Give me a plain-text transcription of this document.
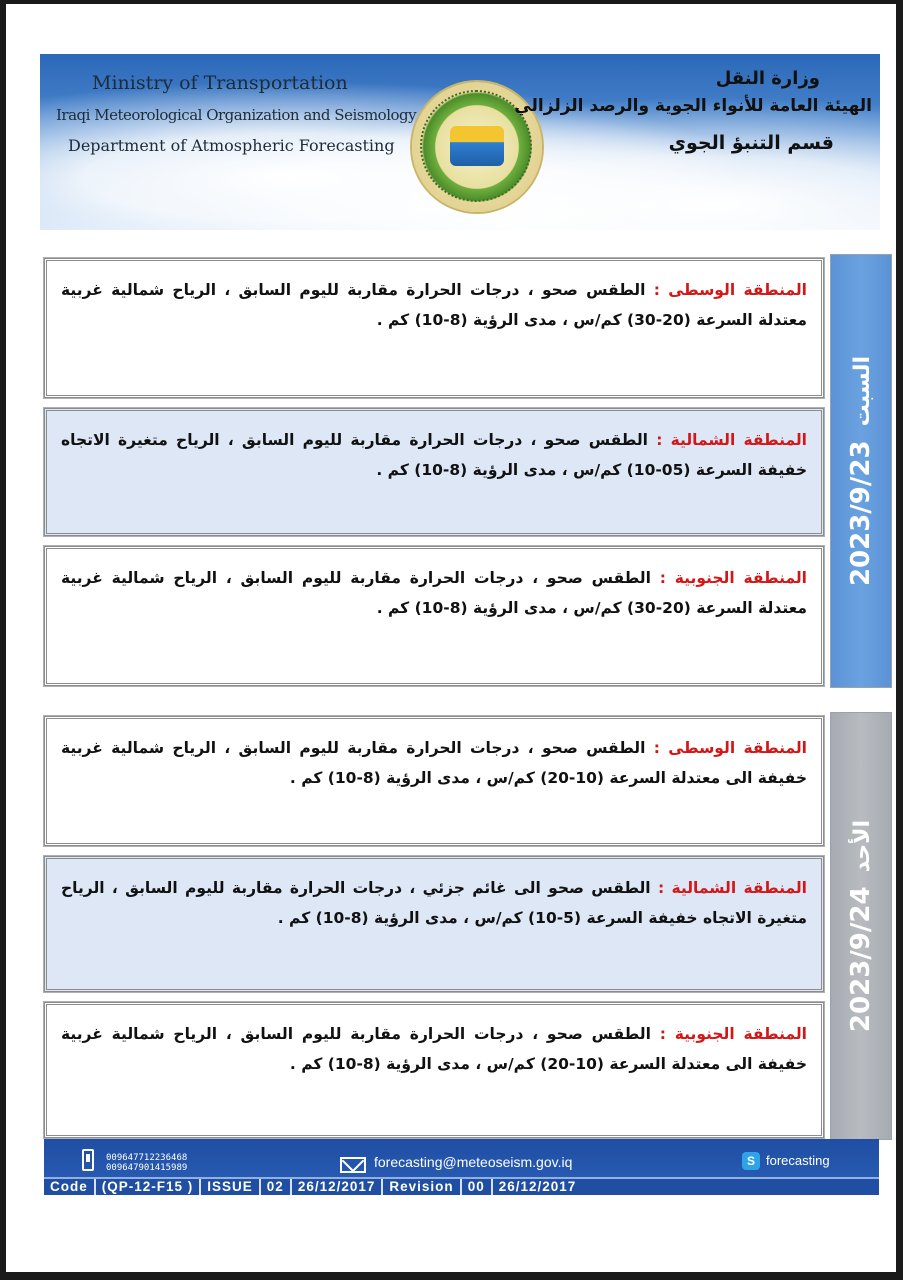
Ministry of Transportation
Iraqi Meteorological Organization and Seismology
Department of Atmospheric Forecasting
وزارة النقل
الهيئة العامة للأنواء الجوية والرصد الزلزالي
قسم التنبؤ الجوي

المنطقة الوسطى : الطقس صحو ، درجات الحرارة مقاربة لليوم السابق ، الرياح شمالية غربية معتدلة السرعة (20-30) كم/س ، مدى الرؤية (8-10) كم .

المنطقة الشمالية : الطقس صحو ، درجات الحرارة مقاربة لليوم السابق ، الرياح متغيرة الاتجاه خفيفة السرعة (05-10) كم/س ، مدى الرؤية (8-10) كم .

المنطقة الجنوبية : الطقس صحو ، درجات الحرارة مقاربة لليوم السابق ، الرياح شمالية غربية معتدلة السرعة (20-30) كم/س ، مدى الرؤية (8-10) كم .

2023/9/23السبت

المنطقة الوسطى : الطقس صحو ، درجات الحرارة مقاربة لليوم السابق ، الرياح شمالية غربية خفيفة الى معتدلة السرعة (10-20) كم/س ، مدى الرؤية (8-10) كم .

المنطقة الشمالية : الطقس صحو الى غائم جزئي ، درجات الحرارة مقاربة لليوم السابق ، الرياح متغيرة الاتجاه خفيفة السرعة (5-10) كم/س ، مدى الرؤية (8-10) كم .

المنطقة الجنوبية : الطقس صحو ، درجات الحرارة مقاربة لليوم السابق ، الرياح شمالية غربية خفيفة الى معتدلة السرعة (10-20) كم/س ، مدى الرؤية (8-10) كم .

2023/9/24الأحد
009647712236468
009647901415989	forecasting@meteoseism.gov.iq	S forecasting
Code	(QP-12-F15 )	ISSUE	02	26/12/2017	Revision	00	26/12/2017
